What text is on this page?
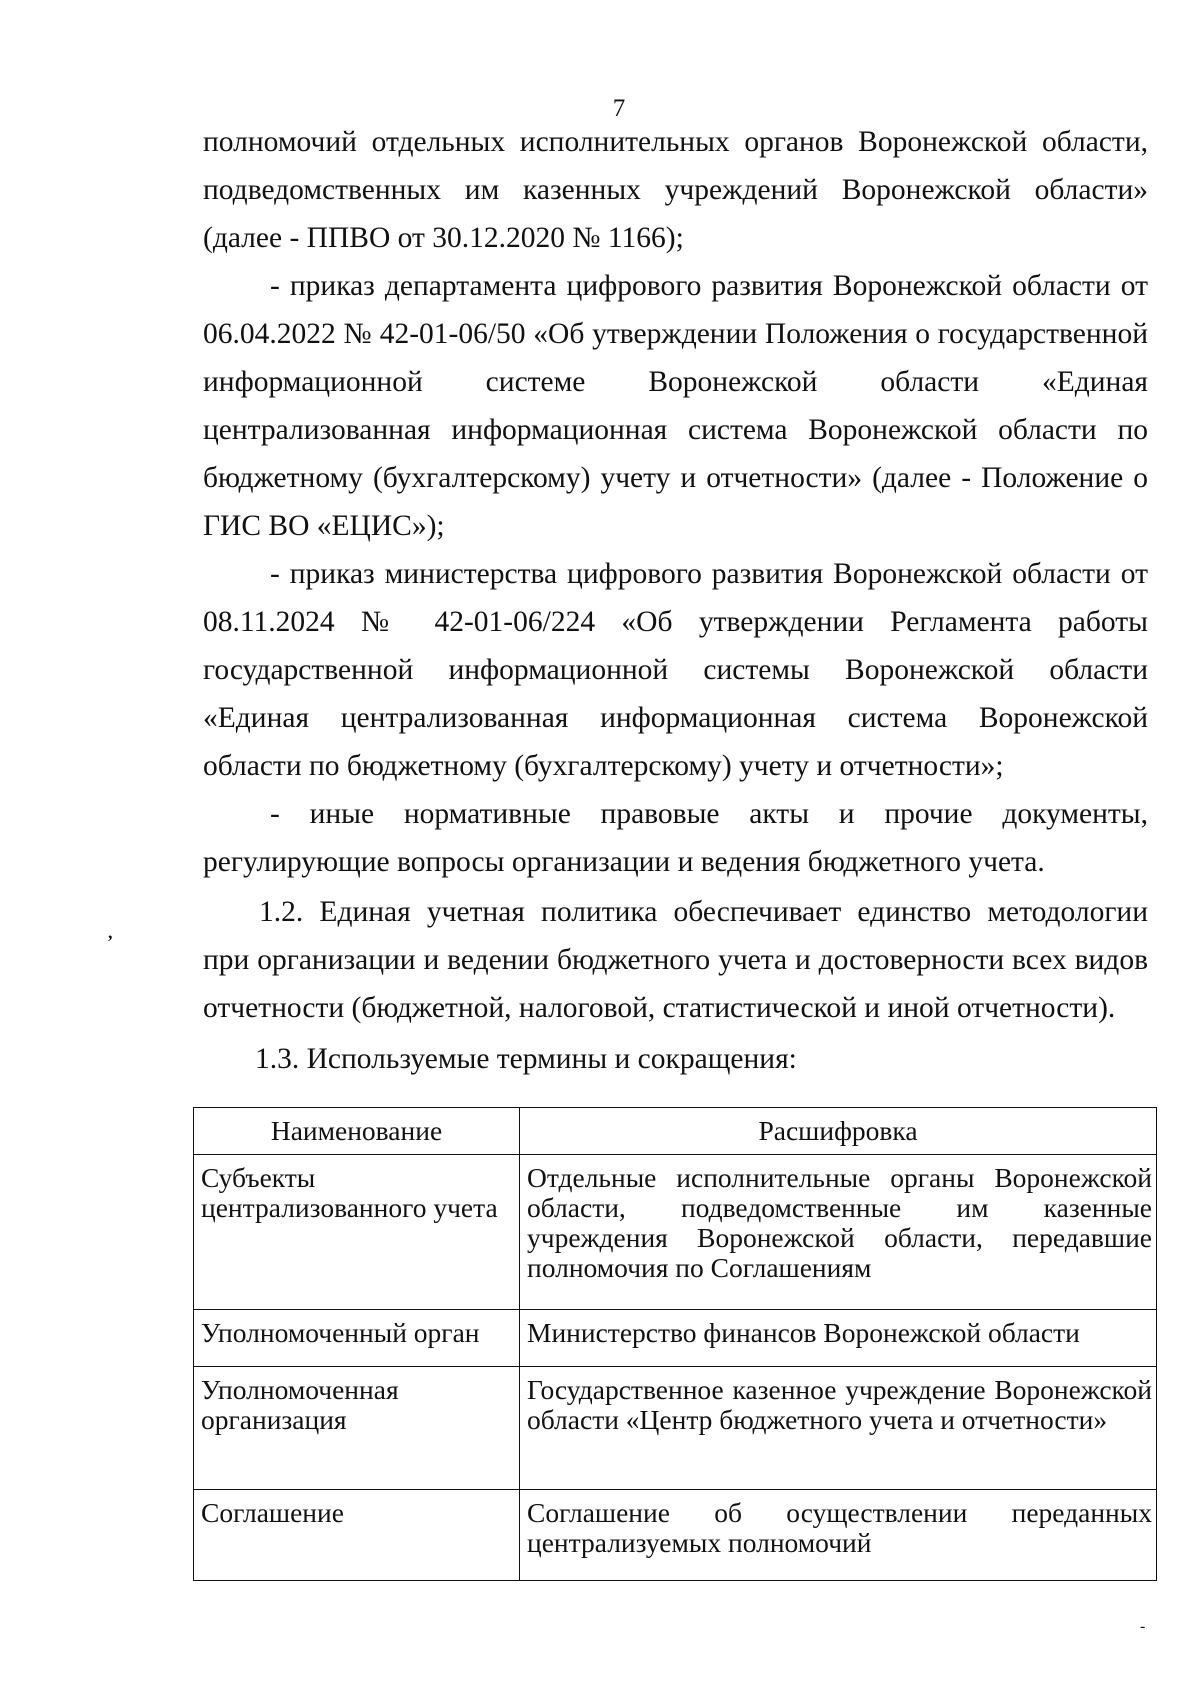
7

полномочий отдельных исполнительных органов Воронежской области, подведомственных им казенных учреждений Воронежской области» (далее - ППВО от 30.12.2020 № 1166);

- приказ департамента цифрового развития Воронежской области от 06.04.2022 № 42-01-06/50 «Об утверждении Положения о государственной информационной системе Воронежской области «Единая централизованная информационная система Воронежской области по бюджетному (бухгалтерскому) учету и отчетности» (далее - Положение о ГИС ВО «ЕЦИС»);

- приказ министерства цифрового развития Воронежской области от 08.11.2024 № 42-01-06/224 «Об утверждении Регламента работы государственной информационной системы Воронежской области «Единая централизованная информационная система Воронежской области по бюджетному (бухгалтерскому) учету и отчетности»;

- иные нормативные правовые акты и прочие документы, регулирующие вопросы организации и ведения бюджетного учета.

1.2. Единая учетная политика обеспечивает единство методологии при организации и ведении бюджетного учета и достоверности всех видов отчетности (бюджетной, налоговой, статистической и иной отчетности).

1.3. Используемые термины и сокращения:

,
-
Наименование	Расшифровка
Субъекты централизованного учета	Отдельные исполнительные органы Воронежской области, подведомственные им казенные учреждения Воронежской области, передавшие полномочия по Соглашениям
Уполномоченный орган	Министерство финансов Воронежской области
Уполномоченная организация	Государственное казенное учреждение Воронежской области «Центр бюджетного учета и отчетности»
Соглашение	Соглашение об осуществлении переданных централизуемых полномочий
